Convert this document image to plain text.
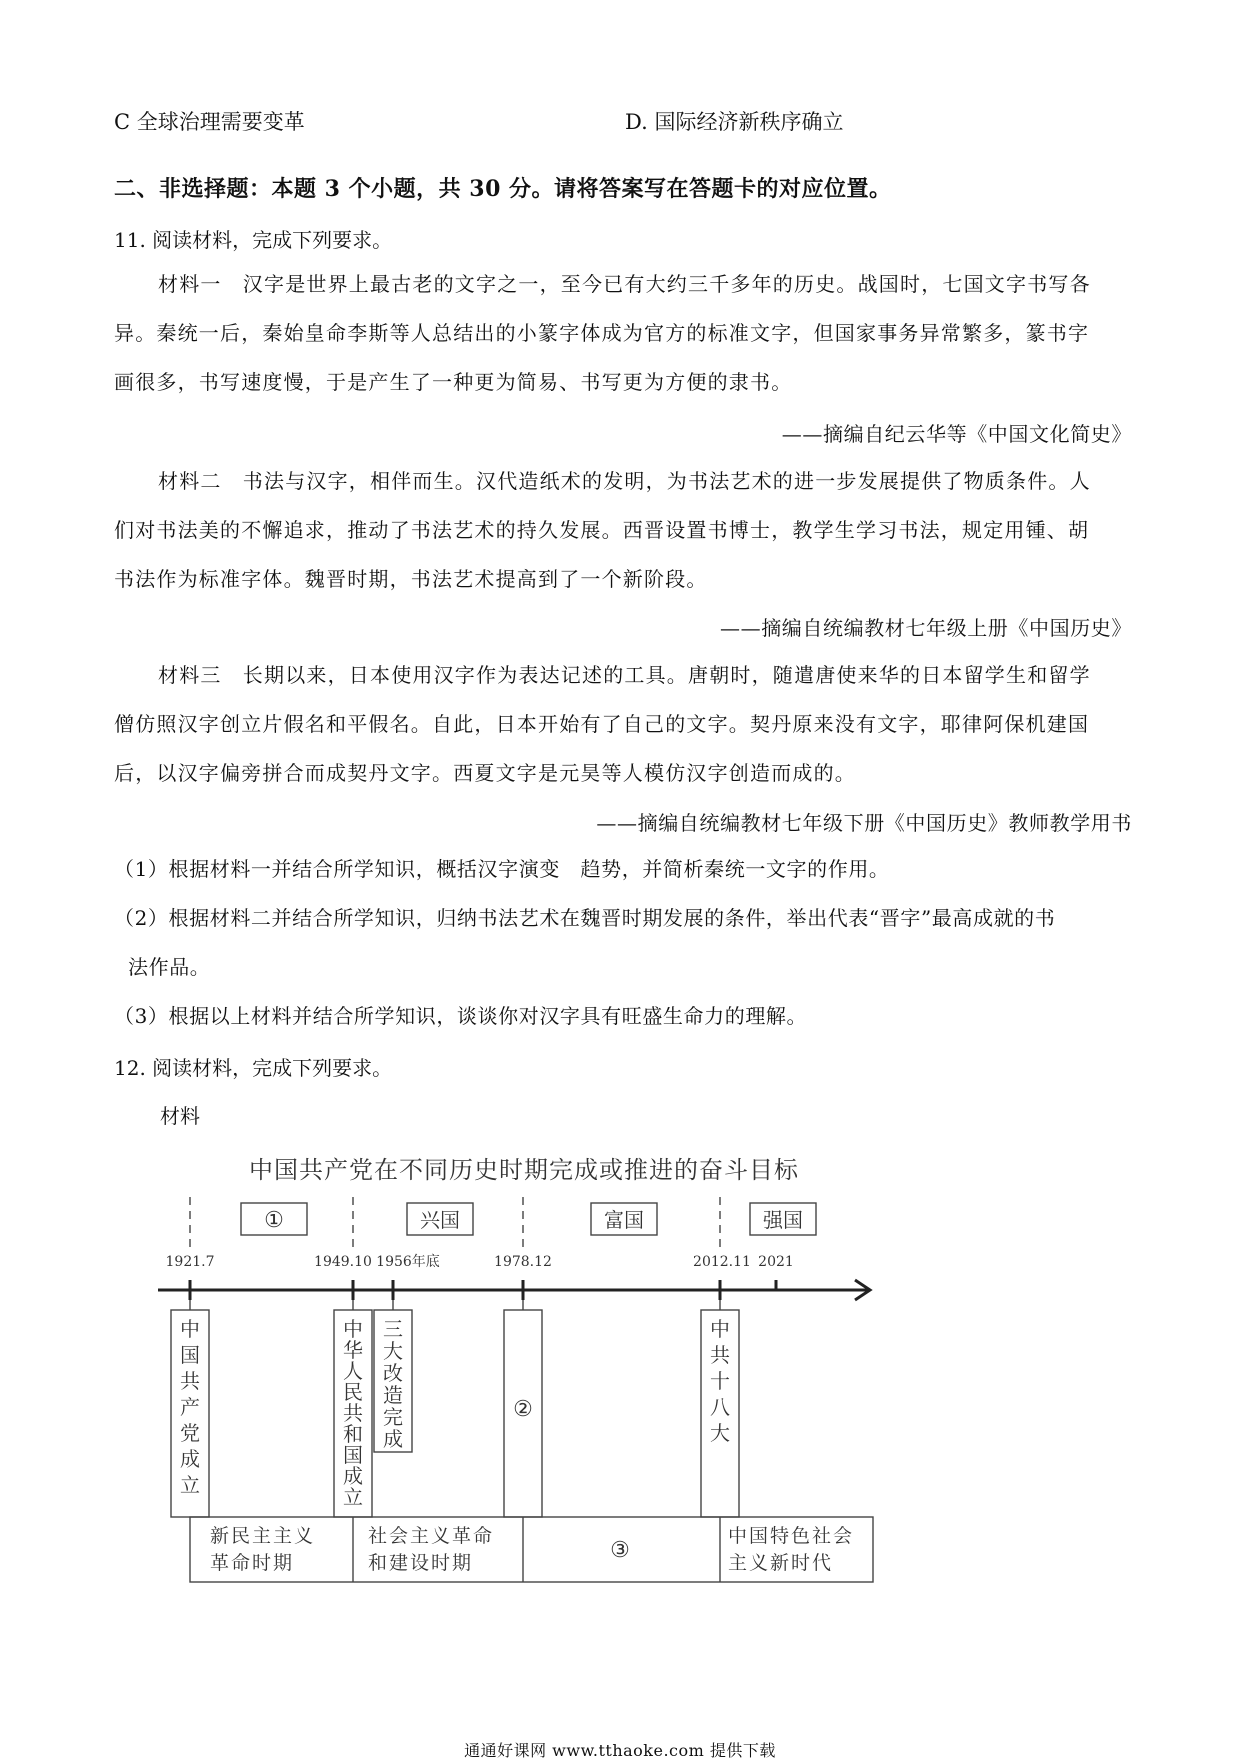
C 全球治理需要变革	D. 国际经济新秩序确立
二、非选择题：本题 3 个小题，共 30 分。请将答案写在答题卡的对应位置。
11. 阅读材料，完成下列要求。

材料一　汉字是世界上最古老的文字之一，至今已有大约三千多年的历史。战国时，七国文字书写各

异。秦统一后，秦始皇命李斯等人总结出的小篆字体成为官方的标准文字，但国家事务异常繁多，篆书字

画很多，书写速度慢，于是产生了一种更为简易、书写更为方便的隶书。

——摘编自纪云华等《中国文化简史》

材料二　书法与汉字，相伴而生。汉代造纸术的发明，为书法艺术的进一步发展提供了物质条件。人

们对书法美的不懈追求，推动了书法艺术的持久发展。西晋设置书博士，教学生学习书法，规定用锺、胡

书法作为标准字体。魏晋时期，书法艺术提高到了一个新阶段。

——摘编自统编教材七年级上册《中国历史》

材料三　长期以来，日本使用汉字作为表达记述的工具。唐朝时，随遣唐使来华的日本留学生和留学

僧仿照汉字创立片假名和平假名。自此，日本开始有了自己的文字。契丹原来没有文字，耶律阿保机建国

后，以汉字偏旁拼合而成契丹文字。西夏文字是元昊等人模仿汉字创造而成的。

——摘编自统编教材七年级下册《中国历史》教师教学用书
（1）根据材料一并结合所学知识，概括汉字演变　趋势，并简析秦统一文字的作用。
（2）根据材料二并结合所学知识，归纳书法艺术在魏晋时期发展的条件，举出代表“晋字”最高成就的书
法作品。
（3）根据以上材料并结合所学知识，谈谈你对汉字具有旺盛生命力的理解。
12. 阅读材料，完成下列要求。
材料
中国共产党在不同历史时期完成或推进的奋斗目标
①	兴国	富国	强国
1921.7	1949.10 1956年底	1978.12	2012.11 2021
中国共产党成立
中华人民共和国成立
三大改造完成
②
中共十八大
新民主主义
革命时期
社会主义革命
和建设时期	③
中国特色社会
主义新时代
通通好课网 www.tthaoke.com 提供下载
